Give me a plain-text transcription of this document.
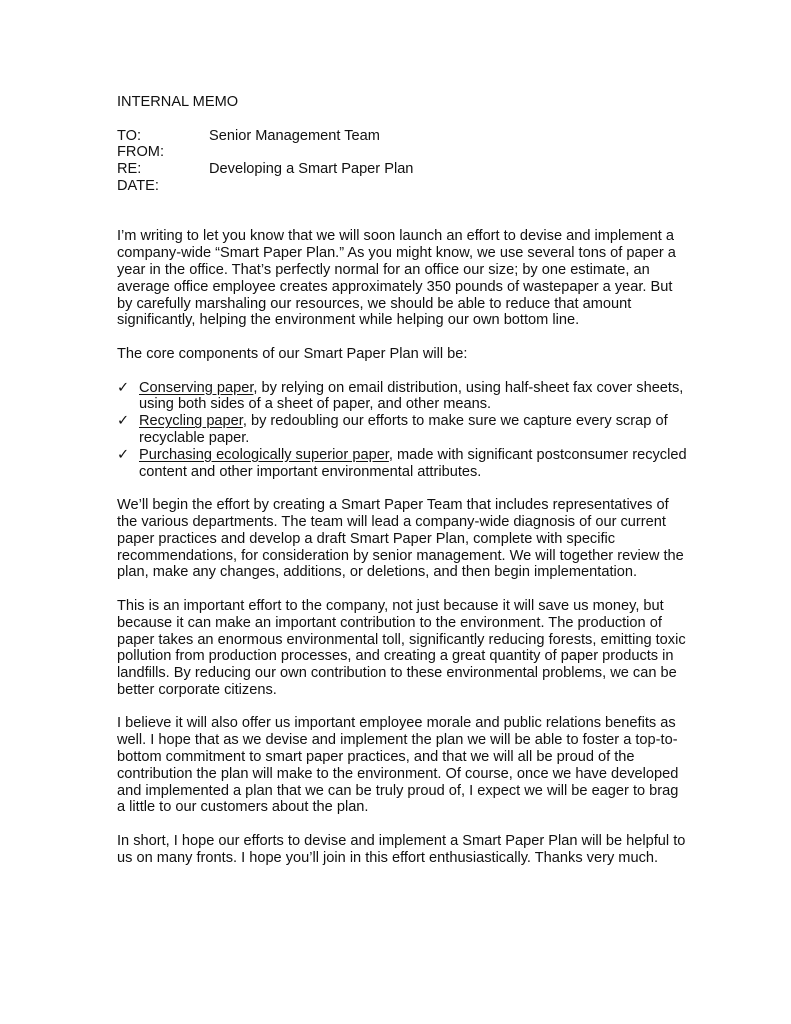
INTERNAL MEMO
TO:	Senior Management Team
FROM:
RE:	Developing a Smart Paper Plan
DATE:

I’m writing to let you know that we will soon launch an effort to devise and implement a company-wide “Smart Paper Plan.” As you might know, we use several tons of paper a year in the office. That’s perfectly normal for an office our size; by one estimate, an average office employee creates approximately 350 pounds of wastepaper a year. But by carefully marshaling our resources, we should be able to reduce that amount significantly, helping the environment while helping our own bottom line.

The core components of our Smart Paper Plan will be:

✓ Conserving paper, by relying on email distribution, using half-sheet fax cover sheets, using both sides of a sheet of paper, and other means.
✓ Recycling paper, by redoubling our efforts to make sure we capture every scrap of recyclable paper.
✓ Purchasing ecologically superior paper, made with significant postconsumer recycled content and other important environmental attributes.

We’ll begin the effort by creating a Smart Paper Team that includes representatives of the various departments. The team will lead a company-wide diagnosis of our current paper practices and develop a draft Smart Paper Plan, complete with specific recommendations, for consideration by senior management. We will together review the plan, make any changes, additions, or deletions, and then begin implementation.

This is an important effort to the company, not just because it will save us money, but because it can make an important contribution to the environment. The production of paper takes an enormous environmental toll, significantly reducing forests, emitting toxic pollution from production processes, and creating a great quantity of paper products in landfills. By reducing our own contribution to these environmental problems, we can be better corporate citizens.

I believe it will also offer us important employee morale and public relations benefits as well. I hope that as we devise and implement the plan we will be able to foster a top-to-bottom commitment to smart paper practices, and that we will all be proud of the contribution the plan will make to the environment. Of course, once we have developed and implemented a plan that we can be truly proud of, I expect we will be eager to brag a little to our customers about the plan.

In short, I hope our efforts to devise and implement a Smart Paper Plan will be helpful to us on many fronts. I hope you’ll join in this effort enthusiastically. Thanks very much.
